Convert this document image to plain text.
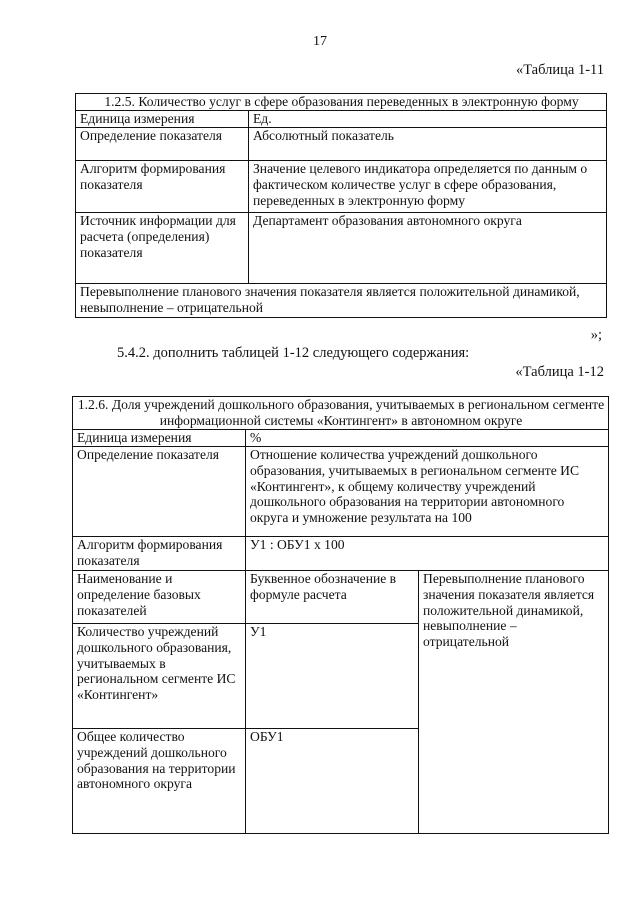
17
«Таблица 1-11
1.2.5. Количество услуг в сфере образования переведенных в электронную форму	
Единица измерения	Ед.
Определение показателя	Абсолютный показатель
Алгоритм формирования показателя	Значение целевого индикатора определяется по данным о фактическом количестве услуг в сфере образования, переведенных в электронную форму
Источник информации для расчета (определения) показателя	Департамент образования автономного округа
Перевыполнение планового значения показателя является положительной динамикой, невыполнение – отрицательной	
»;
5.4.2. дополнить таблицей 1-12 следующего содержания:
«Таблица 1-12
1.2.6. Доля учреждений дошкольного образования, учитываемых в региональном сегменте информационной системы «Контингент» в автономном округе		
Единица измерения	%	
Определение показателя	Отношение количества учреждений дошкольного образования, учитываемых в региональном сегменте ИС «Контингент», к общему количеству учреждений дошкольного образования на территории автономного округа и умножение результата на 100	
Алгоритм формирования показателя	У1 : ОБУ1 х 100	
Наименование и определение базовых показателей	Буквенное обозначение в формуле расчета	Перевыполнение планового значения показателя является положительной динамикой, невыполнение – отрицательной
Количество учреждений дошкольного образования, учитываемых в региональном сегменте ИС «Контингент»	У1	
Общее количество учреждений дошкольного образования на территории автономного округа	ОБУ1	
